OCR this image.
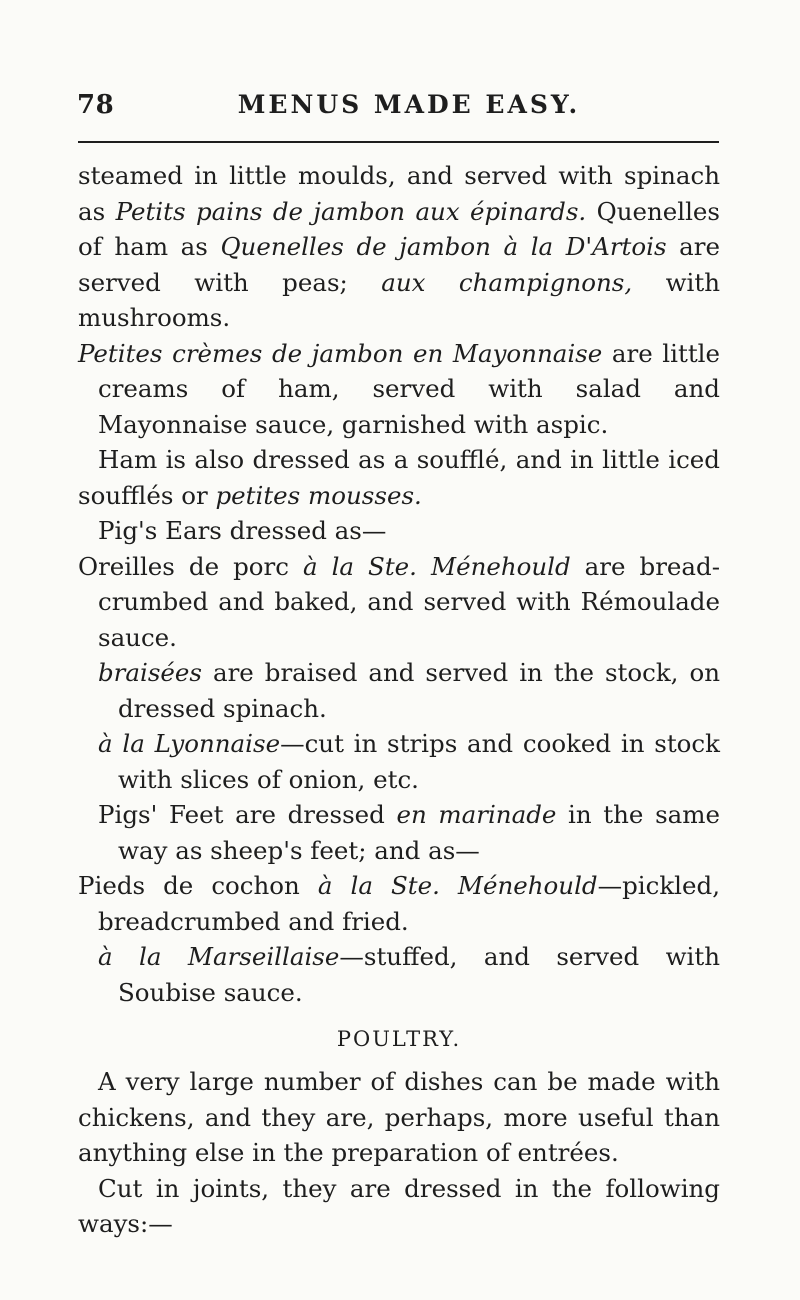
78	MENUS MADE EASY.

steamed in little moulds, and served with spinach as Petits pains de jambon aux épinards. Quenelles of ham as Quenelles de jambon à la D'Artois are served with peas; aux champignons, with mushrooms.

Petites crèmes de jambon en Mayonnaise are little creams of ham, served with salad and Mayonnaise sauce, garnished with aspic.

Ham is also dressed as a soufflé, and in little iced soufflés or petites mousses.

Pig's Ears dressed as—

Oreilles de porc à la Ste. Ménehould are bread-crumbed and baked, and served with Rémoulade sauce.

braisées are braised and served in the stock, on dressed spinach.

à la Lyonnaise—cut in strips and cooked in stock with slices of onion, etc.

Pigs' Feet are dressed en marinade in the same way as sheep's feet; and as—

Pieds de cochon à la Ste. Ménehould—pickled, breadcrumbed and fried.

à la Marseillaise—stuffed, and served with Soubise sauce.

POULTRY.

A very large number of dishes can be made with chickens, and they are, perhaps, more useful than anything else in the preparation of entrées.

Cut in joints, they are dressed in the following ways:—
